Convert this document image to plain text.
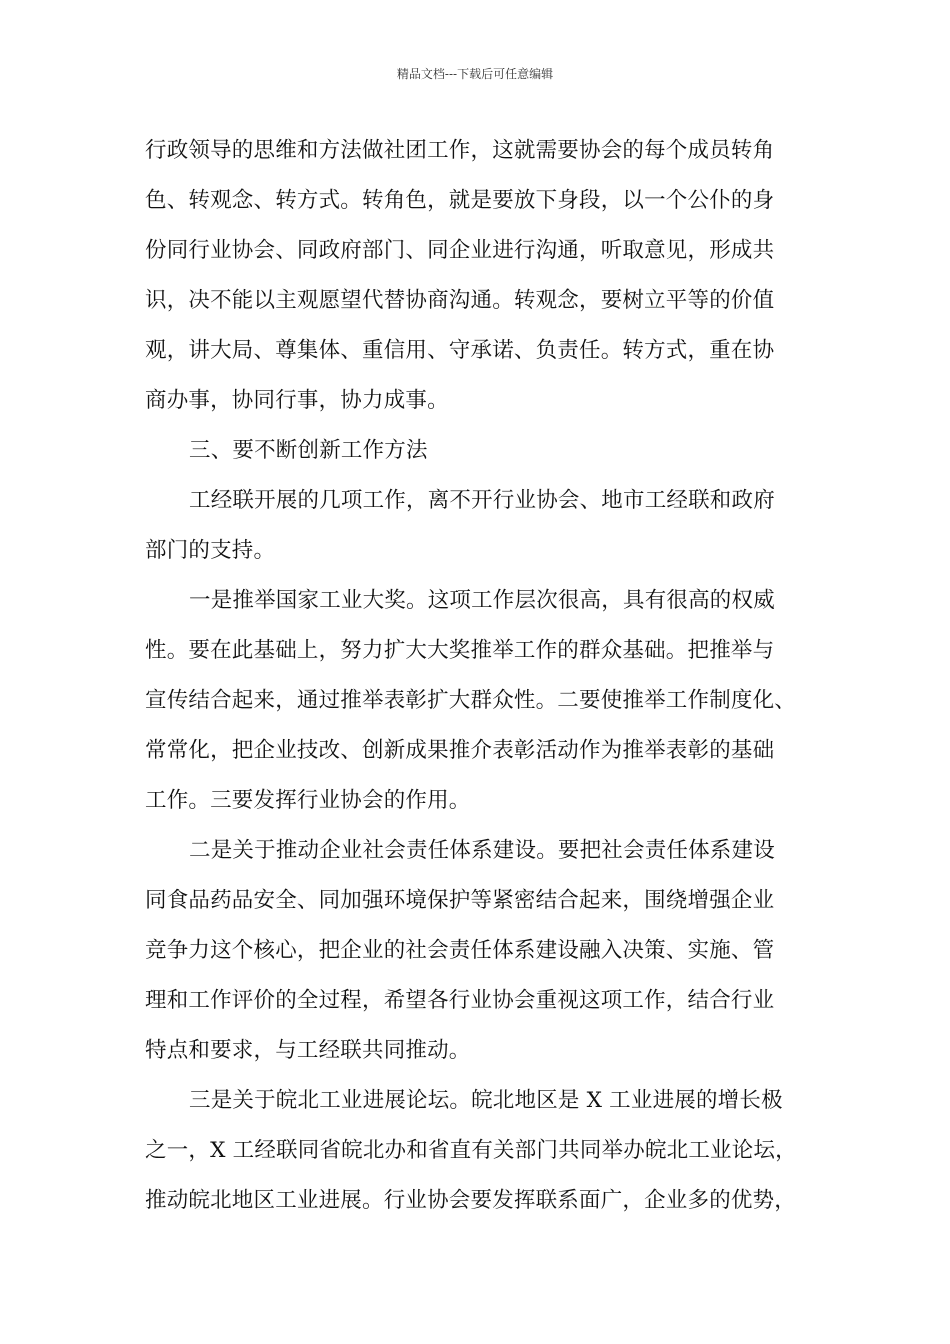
精品文档---下载后可任意编辑

行政领导的思维和方法做社团工作，这就需要协会的每个成员转角
色、转观念、转方式。转角色，就是要放下身段，以一个公仆的身
份同行业协会、同政府部门、同企业进行沟通，听取意见，形成共
识，决不能以主观愿望代替协商沟通。转观念，要树立平等的价值
观，讲大局、尊集体、重信用、守承诺、负责任。转方式，重在协
商办事，协同行事，协力成事。

三、要不断创新工作方法

工经联开展的几项工作，离不开行业协会、地市工经联和政府
部门的支持。

一是推举国家工业大奖。这项工作层次很高，具有很高的权威
性。要在此基础上，努力扩大大奖推举工作的群众基础。把推举与
宣传结合起来，通过推举表彰扩大群众性。二要使推举工作制度化、
常常化，把企业技改、创新成果推介表彰活动作为推举表彰的基础
工作。三要发挥行业协会的作用。

二是关于推动企业社会责任体系建设。要把社会责任体系建设
同食品药品安全、同加强环境保护等紧密结合起来，围绕增强企业
竞争力这个核心，把企业的社会责任体系建设融入决策、实施、管
理和工作评价的全过程，希望各行业协会重视这项工作，结合行业
特点和要求，与工经联共同推动。

三是关于皖北工业进展论坛。皖北地区是 X 工业进展的增长极
之一，X 工经联同省皖北办和省直有关部门共同举办皖北工业论坛，
推动皖北地区工业进展。行业协会要发挥联系面广，企业多的优势，
